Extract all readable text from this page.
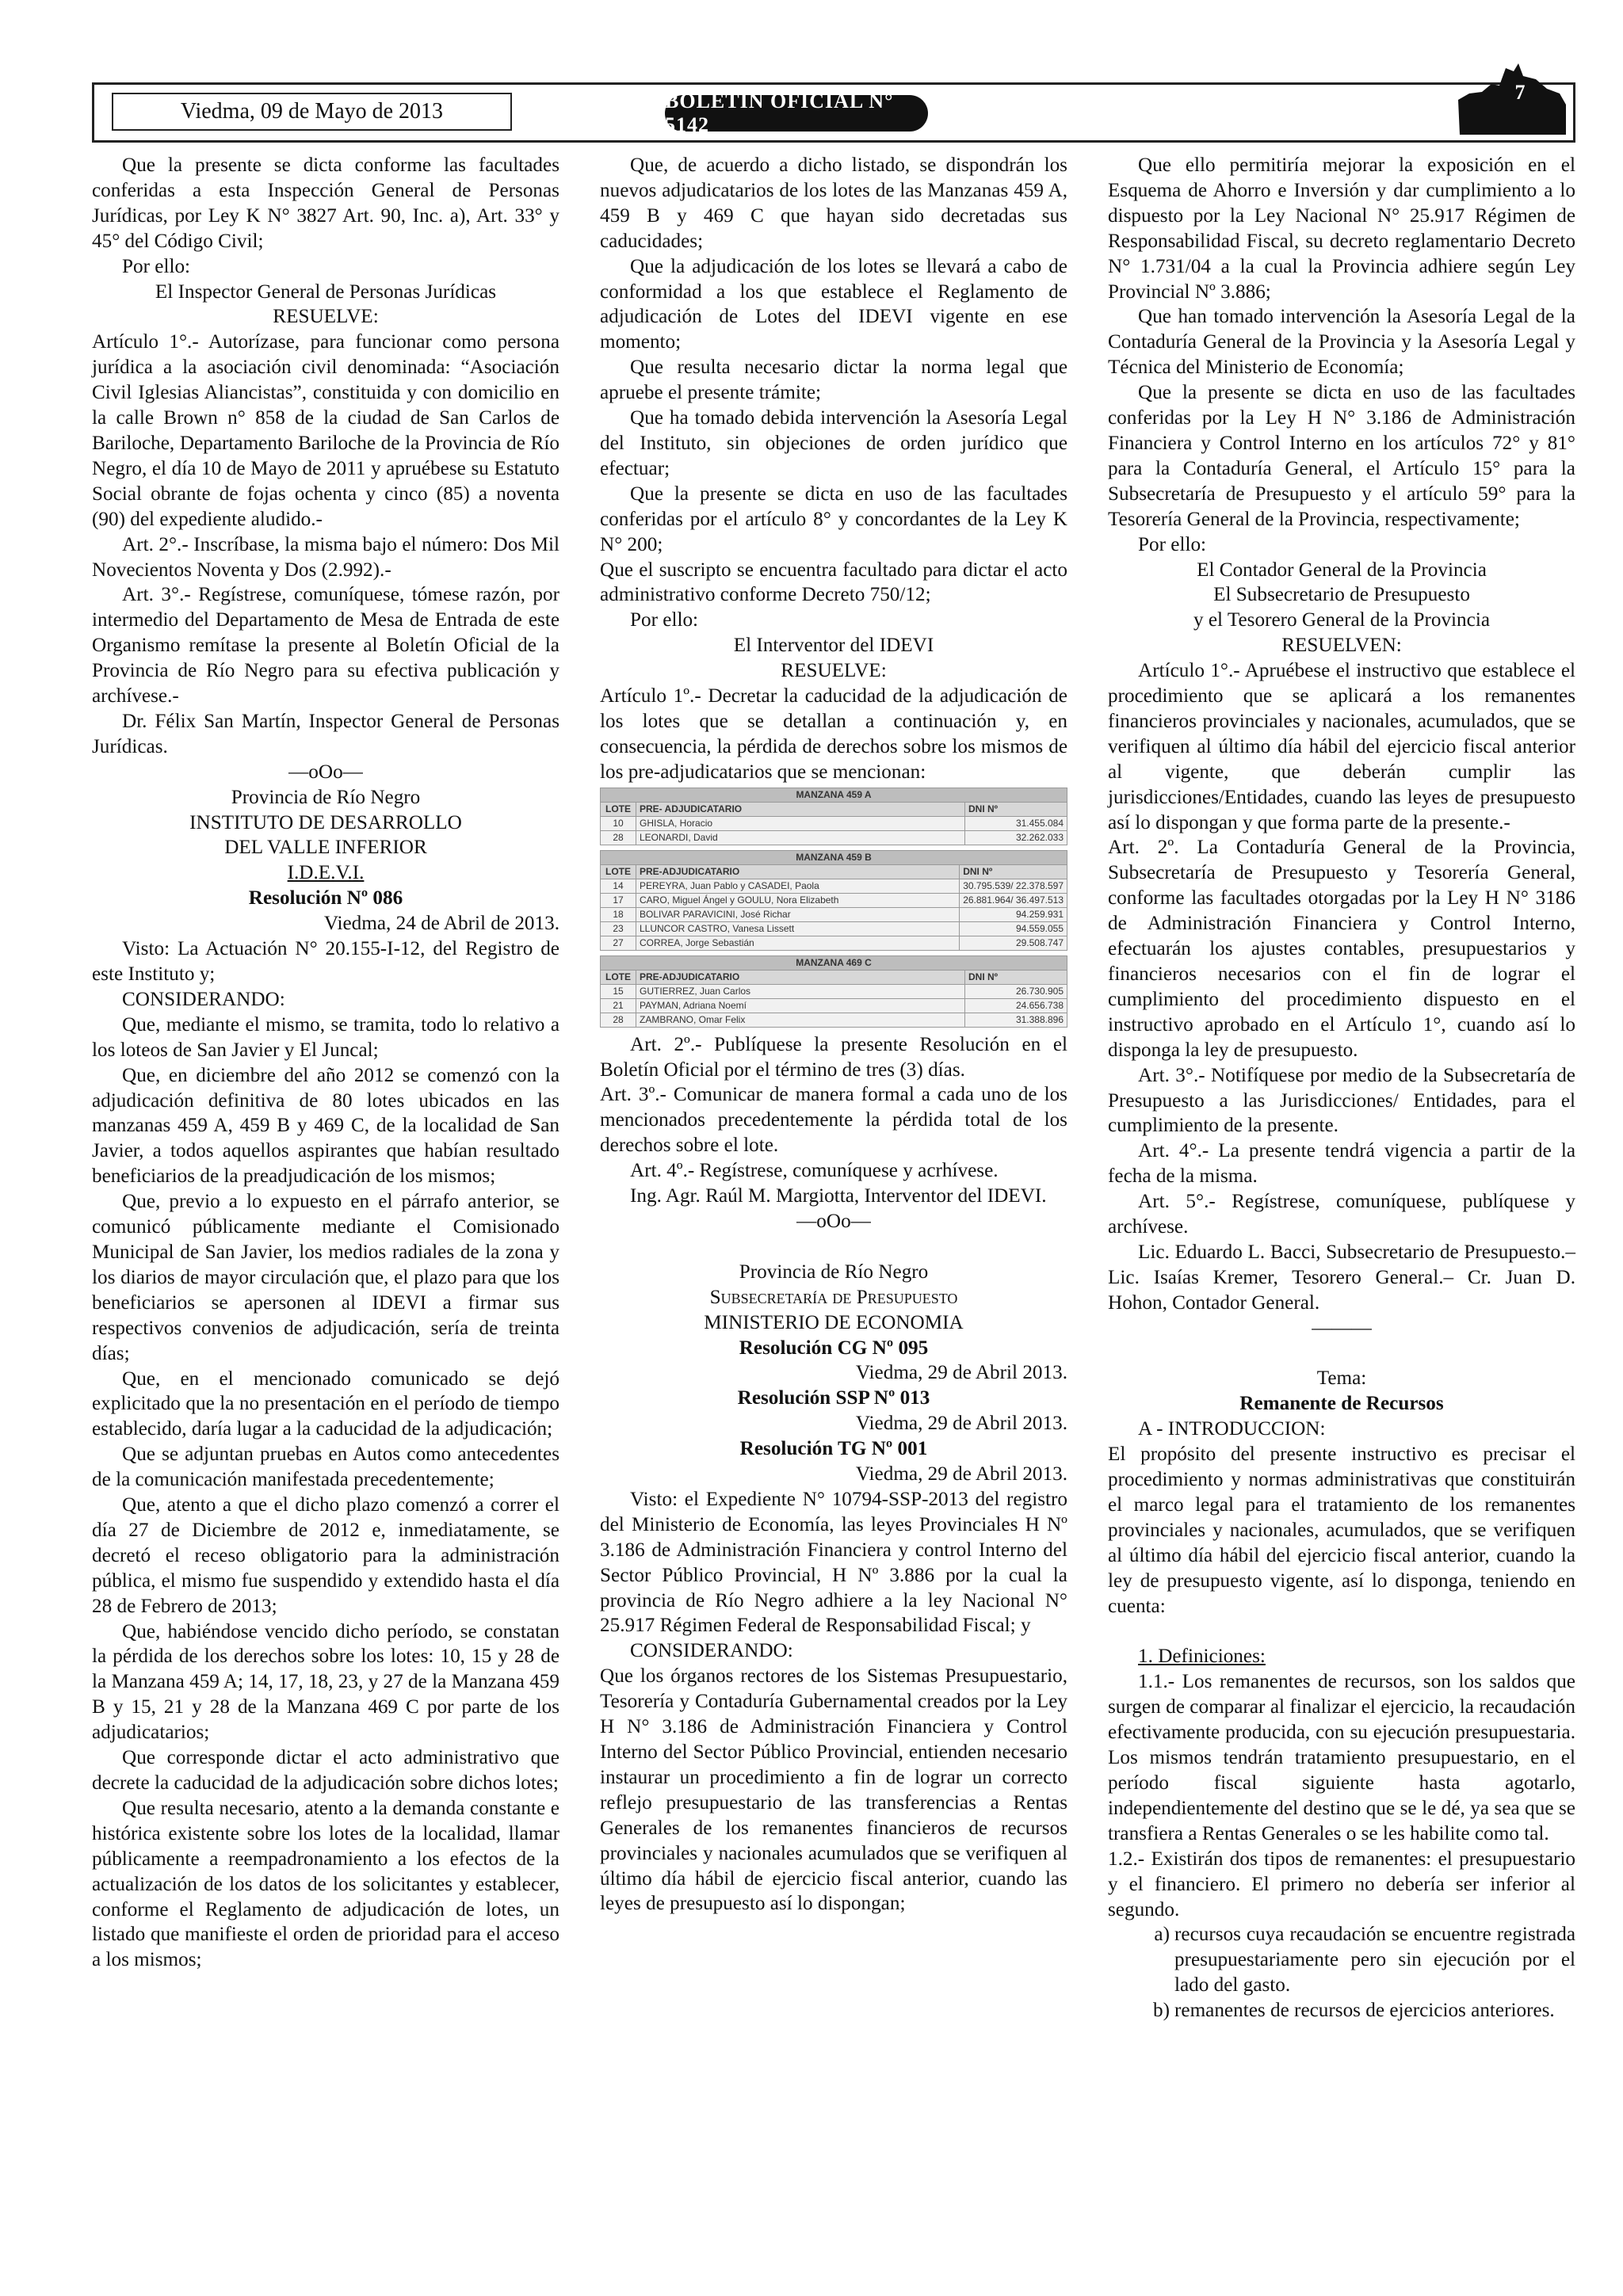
Viedma, 09 de Mayo de 2013	BOLETIN OFICIAL N° 5142
7

Que la presente se dicta conforme las facultades conferidas a esta Inspección General de Personas Jurídicas, por Ley K N° 3827 Art. 90, Inc. a), Art. 33° y 45° del Código Civil;

Por ello:

El Inspector General de Personas Jurídicas

RESUELVE:

Artículo 1°.- Autorízase, para funcionar como persona jurídica a la asociación civil denominada: “Asociación Civil Iglesias Aliancistas”, constituida y con domicilio en la calle Brown n° 858 de la ciudad de San Carlos de Bariloche, Departamento Bariloche de la Provincia de Río Negro, el día 10 de Mayo de 2011 y apruébese su Estatuto Social obrante de fojas ochenta y cinco (85) a noventa (90) del expediente aludido.-

Art. 2°.- Inscríbase, la misma bajo el número: Dos Mil Novecientos Noventa y Dos (2.992).-

Art. 3°.- Regístrese, comuníquese, tómese razón, por intermedio del Departamento de Mesa de Entrada de este Organismo remítase la presente al Boletín Oficial de la Provincia de Río Negro para su efectiva publicación y archívese.-

Dr. Félix San Martín, Inspector General de Personas Jurídicas.

—oOo—

Provincia de Río Negro

INSTITUTO DE DESARROLLO

DEL VALLE INFERIOR

I.D.E.V.I.

Resolución Nº 086

Viedma, 24 de Abril de 2013.

Visto: La Actuación N° 20.155-I-12, del Registro de este Instituto y;

CONSIDERANDO:

Que, mediante el mismo, se tramita, todo lo relativo a los loteos de San Javier y El Juncal;

Que, en diciembre del año 2012 se comenzó con la adjudicación definitiva de 80 lotes ubicados en las manzanas 459 A, 459 B y 469 C, de la localidad de San Javier, a todos aquellos aspirantes que habían resultado beneficiarios de la preadjudicación de los mismos;

Que, previo a lo expuesto en el párrafo anterior, se comunicó públicamente mediante el Comisionado Municipal de San Javier, los medios radiales de la zona y los diarios de mayor circulación que, el plazo para que los beneficiarios se apersonen al IDEVI a firmar sus respectivos convenios de adjudicación, sería de treinta días;

Que, en el mencionado comunicado se dejó explicitado que la no presentación en el período de tiempo establecido, daría lugar a la caducidad de la adjudicación;

Que se adjuntan pruebas en Autos como antecedentes de la comunicación manifestada precedentemente;

Que, atento a que el dicho plazo comenzó a correr el día 27 de Diciembre de 2012 e, inmediatamente, se decretó el receso obligatorio para la administración pública, el mismo fue suspendido y extendido hasta el día 28 de Febrero de 2013;

Que, habiéndose vencido dicho período, se constatan la pérdida de los derechos sobre los lotes: 10, 15 y 28 de la Manzana 459 A; 14, 17, 18, 23, y 27 de la Manzana 459 B y 15, 21 y 28 de la Manzana 469 C por parte de los adjudicatarios;

Que corresponde dictar el acto administrativo que decrete la caducidad de la adjudicación sobre dichos lotes;

Que resulta necesario, atento a la demanda constante e histórica existente sobre los lotes de la localidad, llamar públicamente a reempadronamiento a los efectos de la actualización de los datos de los solicitantes y establecer, conforme el Reglamento de adjudicación de lotes, un listado que manifieste el orden de prioridad para el acceso a los mismos;

Que, de acuerdo a dicho listado, se dispondrán los nuevos adjudicatarios de los lotes de las Manzanas 459 A, 459 B y 469 C que hayan sido decretadas sus caducidades;

Que la adjudicación de los lotes se llevará a cabo de conformidad a los que establece el Reglamento de adjudicación de Lotes del IDEVI vigente en ese momento;

Que resulta necesario dictar la norma legal que apruebe el presente trámite;

Que ha tomado debida intervención la Asesoría Legal del Instituto, sin objeciones de orden jurídico que efectuar;

Que la presente se dicta en uso de las facultades conferidas por el artículo 8° y concordantes de la Ley K N° 200;

Que el suscripto se encuentra facultado para dictar el acto administrativo conforme Decreto 750/12;

Por ello:

El Interventor del IDEVI

RESUELVE:

Artículo 1º.- Decretar la caducidad de la adjudicación de los lotes que se detallan a continuación y, en consecuencia, la pérdida de derechos sobre los mismos de los pre-adjudicatarios que se mencionan:

MANZANA 459 A		
LOTE	PRE- ADJUDICATARIO	DNI Nº
10	GHISLA, Horacio	31.455.084
28	LEONARDI, David	32.262.033
MANZANA 459 B		
LOTE	PRE-ADJUDICATARIO	DNI Nº
14	PEREYRA, Juan Pablo y CASADEI, Paola	30.795.539/ 22.378.597
17	CARO, Miguel Ángel y GOULU, Nora Elizabeth	26.881.964/ 36.497.513
18	BOLIVAR PARAVICINI, José Richar	94.259.931
23	LLUNCOR CASTRO, Vanesa Lissett	94.559.055
27	CORREA, Jorge Sebastián	29.508.747
MANZANA 469 C		
LOTE	PRE-ADJUDICATARIO	DNI Nº
15	GUTIERREZ, Juan Carlos	26.730.905
21	PAYMAN, Adriana Noemí	24.656.738
28	ZAMBRANO, Omar Felix	31.388.896

Art. 2º.- Publíquese la presente Resolución en el Boletín Oficial por el término de tres (3) días.

Art. 3º.- Comunicar de manera formal a cada uno de los mencionados precedentemente la pérdida total de los derechos sobre el lote.

Art. 4º.- Regístrese, comuníquese y acrhívese.

Ing. Agr. Raúl M. Margiotta, Interventor del IDEVI.

—oOo—

Provincia de Río Negro

Subsecretaría de Presupuesto

MINISTERIO DE ECONOMIA

Resolución CG Nº 095

Viedma, 29 de Abril 2013.

Resolución SSP Nº 013

Viedma, 29 de Abril 2013.

Resolución TG Nº 001

Viedma, 29 de Abril 2013.

Visto: el Expediente N° 10794-SSP-2013 del registro del Ministerio de Economía, las leyes Provinciales H Nº 3.186 de Administración Financiera y control Interno del Sector Público Provincial, H Nº 3.886 por la cual la provincia de Río Negro adhiere a la ley Nacional N° 25.917 Régimen Federal de Responsabilidad Fiscal; y

CONSIDERANDO:

Que los órganos rectores de los Sistemas Presupuestario, Tesorería y Contaduría Gubernamental creados por la Ley H N° 3.186 de Administración Financiera y Control Interno del Sector Público Provincial, entienden necesario instaurar un procedimiento a fin de lograr un correcto reflejo presupuestario de las transferencias a Rentas Generales de los remanentes financieros de recursos provinciales y nacionales acumulados que se verifiquen al último día hábil de ejercicio fiscal anterior, cuando las leyes de presupuesto así lo dispongan;

Que ello permitiría mejorar la exposición en el Esquema de Ahorro e Inversión y dar cumplimiento a lo dispuesto por la Ley Nacional N° 25.917 Régimen de Responsabilidad Fiscal, su decreto reglamentario Decreto N° 1.731/04 a la cual la Provincia adhiere según Ley Provincial Nº 3.886;

Que han tomado intervención la Asesoría Legal de la Contaduría General de la Provincia y la Asesoría Legal y Técnica del Ministerio de Economía;

Que la presente se dicta en uso de las facultades conferidas por la Ley H N° 3.186 de Administración Financiera y Control Interno en los artículos 72° y 81° para la Contaduría General, el Artículo 15° para la Subsecretaría de Presupuesto y el artículo 59° para la Tesorería General de la Provincia, respectivamente;

Por ello:

El Contador General de la Provincia

El Subsecretario de Presupuesto

y el Tesorero General de la Provincia

RESUELVEN:

Artículo 1°.- Apruébese el instructivo que establece el procedimiento que se aplicará a los remanentes financieros provinciales y nacionales, acumulados, que se verifiquen al último día hábil del ejercicio fiscal anterior al vigente, que deberán cumplir las jurisdicciones/Entidades, cuando las leyes de presupuesto así lo dispongan y que forma parte de la presente.-

Art. 2º. La Contaduría General de la Provincia, Subsecretaría de Presupuesto y Tesorería General, conforme las facultades otorgadas por la Ley H N° 3186 de Administración Financiera y Control Interno, efectuarán los ajustes contables, presupuestarios y financieros necesarios con el fin de lograr el cumplimiento del procedimiento dispuesto en el instructivo aprobado en el Artículo 1°, cuando así lo disponga la ley de presupuesto.

Art. 3°.- Notifíquese por medio de la Subsecretaría de Presupuesto a las Jurisdicciones/ Entidades, para el cumplimiento de la presente.

Art. 4°.- La presente tendrá vigencia a partir de la fecha de la misma.

Art. 5°.- Regístrese, comuníquese, publíquese y archívese.

Lic. Eduardo L. Bacci, Subsecretario de Presupuesto.– Lic. Isaías Kremer, Tesorero General.– Cr. Juan D. Hohon, Contador General.

———

Tema:

Remanente de Recursos

A - INTRODUCCION:

El propósito del presente instructivo es precisar el procedimiento y normas administrativas que constituirán el marco legal para el tratamiento de los remanentes provinciales y nacionales, acumulados, que se verifiquen al último día hábil del ejercicio fiscal anterior, cuando la ley de presupuesto vigente, así lo disponga, teniendo en cuenta:

1. Definiciones:

1.1.- Los remanentes de recursos, son los saldos que surgen de comparar al finalizar el ejercicio, la recaudación efectivamente producida, con su ejecución presupuestaria. Los mismos tendrán tratamiento presupuestario, en el período fiscal siguiente hasta agotarlo, independientemente del destino que se le dé, ya sea que se transfiera a Rentas Generales o se les habilite como tal.

1.2.- Existirán dos tipos de remanentes: el presupuestario y el financiero. El primero no debería ser inferior al segundo.

a) recursos cuya recaudación se encuentre registrada presupuestariamente pero sin ejecución por el lado del gasto.

b) remanentes de recursos de ejercicios anteriores.
